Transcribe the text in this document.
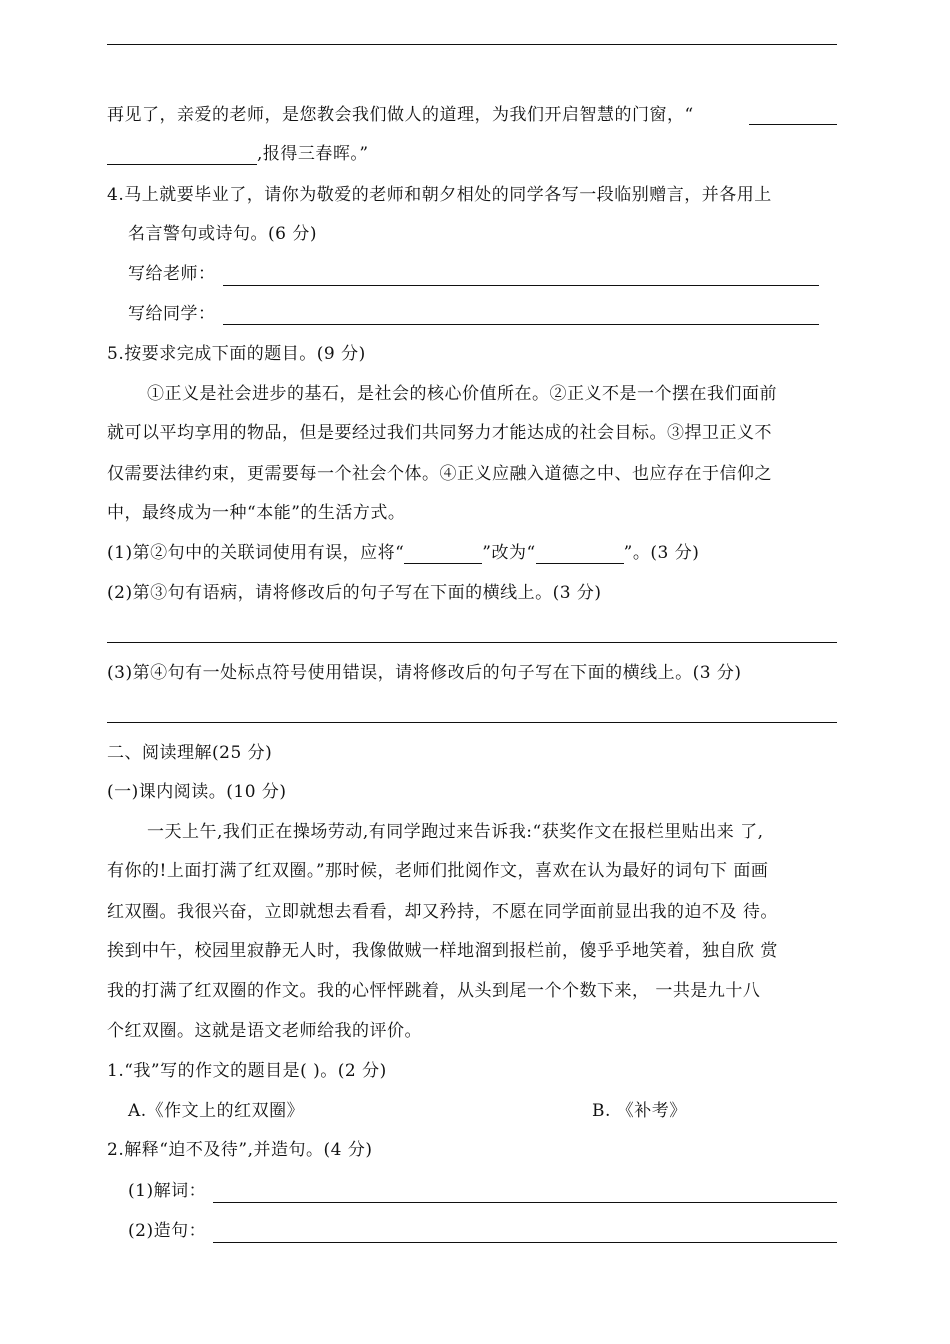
再见了，亲爱的老师，是您教会我们做人的道理，为我们开启智慧的门窗，“
,报得三春晖。”
4.马上就要毕业了，请你为敬爱的老师和朝夕相处的同学各写一段临别赠言，并各用上
名言警句或诗句。(6 分)
写给老师：
写给同学：
5.按要求完成下面的题目。(9 分)
①正义是社会进步的基石，是社会的核心价值所在。②正义不是一个摆在我们面前
就可以平均享用的物品，但是要经过我们共同努力才能达成的社会目标。③捍卫正义不
仅需要法律约束，更需要每一个社会个体。④正义应融入道德之中、也应存在于信仰之
中，最终成为一种“本能”的生活方式。
(1)第②句中的关联词使用有误，应将“	”改为“	”。(3 分)
(2)第③句有语病，请将修改后的句子写在下面的横线上。(3 分)
(3)第④句有一处标点符号使用错误，请将修改后的句子写在下面的横线上。(3 分)
二、阅读理解(25 分)
(一)课内阅读。(10 分)
一天上午,我们正在操场劳动,有同学跑过来告诉我:“获奖作文在报栏里贴出来 了,
有你的!上面打满了红双圈。”那时候，老师们批阅作文，喜欢在认为最好的词句下 面画
红双圈。我很兴奋，立即就想去看看，却又矜持，不愿在同学面前显出我的迫不及 待。
挨到中午，校园里寂静无人时，我像做贼一样地溜到报栏前，傻乎乎地笑着，独自欣 赏
我的打满了红双圈的作文。我的心怦怦跳着，从头到尾一个个数下来， 一共是九十八
个红双圈。这就是语文老师给我的评价。
1.“我”写的作文的题目是( )。(2 分)
A.《作文上的红双圈》	B. 《补考》
2.解释“迫不及待”,并造句。(4 分)
(1)解词：
(2)造句：
